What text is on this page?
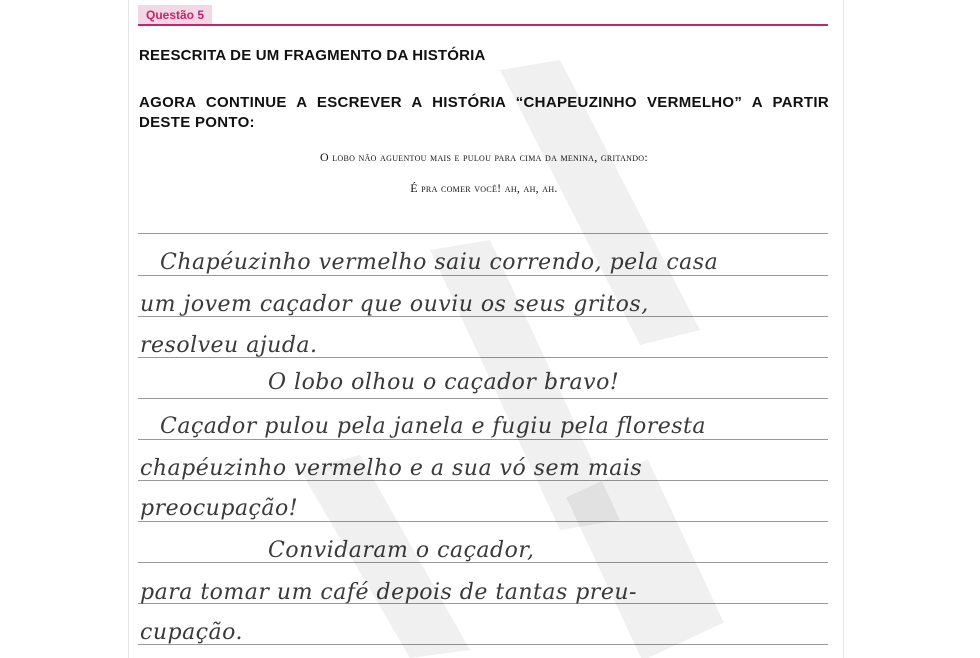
Questão 5
REESCRITA DE UM FRAGMENTO DA HISTÓRIA
AGORA CONTINUE A ESCREVER A HISTÓRIA “CHAPEUZINHO VERMELHO” A PARTIR DESTE PONTO:
O lobo não aguentou mais e pulou para cima da menina, gritando:
É pra comer você! ah, ah, ah.
Chapéuzinho vermelho saiu correndo, pela casa
um jovem caçador que ouviu os seus gritos,
resolveu ajuda.
O lobo olhou o caçador bravo!
Caçador pulou pela janela e fugiu pela floresta
chapéuzinho vermelho e a sua vó sem mais
preocupação!
Convidaram o caçador,
para tomar um café depois de tantas preu-
cupação.
